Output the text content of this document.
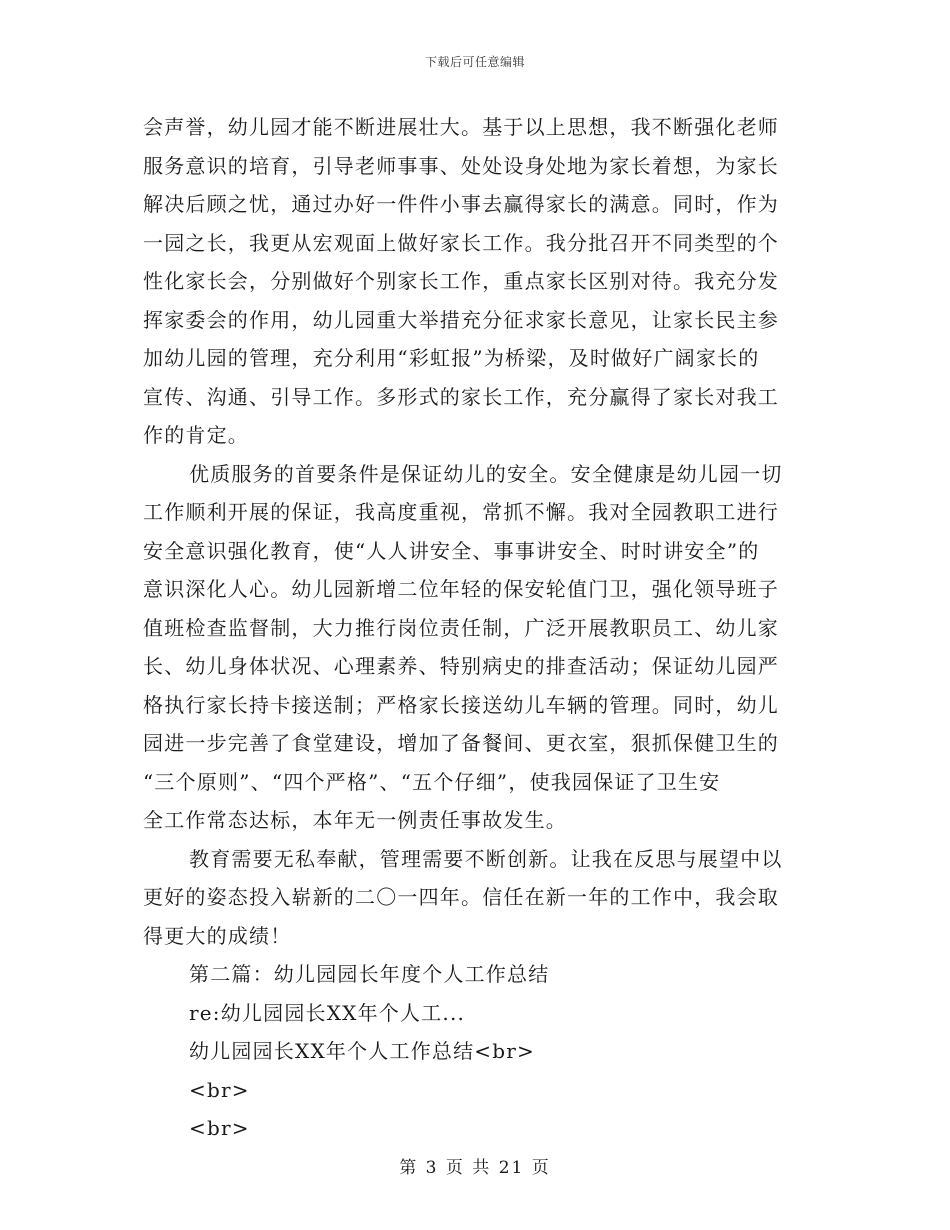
下载后可任意编辑
会声誉，幼儿园才能不断进展壮大。基于以上思想，我不断强化老师
服务意识的培育，引导老师事事、处处设身处地为家长着想，为家长
解决后顾之忧，通过办好一件件小事去赢得家长的满意。同时，作为
一园之长，我更从宏观面上做好家长工作。我分批召开不同类型的个
性化家长会，分别做好个别家长工作，重点家长区别对待。我充分发
挥家委会的作用，幼儿园重大举措充分征求家长意见，让家长民主参
加幼儿园的管理，充分利用“彩虹报”为桥梁，及时做好广阔家长的
宣传、沟通、引导工作。多形式的家长工作，充分赢得了家长对我工
作的肯定。
优质服务的首要条件是保证幼儿的安全。安全健康是幼儿园一切
工作顺利开展的保证，我高度重视，常抓不懈。我对全园教职工进行
安全意识强化教育，使“人人讲安全、事事讲安全、时时讲安全”的
意识深化人心。幼儿园新增二位年轻的保安轮值门卫，强化领导班子
值班检查监督制，大力推行岗位责任制，广泛开展教职员工、幼儿家
长、幼儿身体状况、心理素养、特别病史的排查活动；保证幼儿园严
格执行家长持卡接送制；严格家长接送幼儿车辆的管理。同时，幼儿
园进一步完善了食堂建设，增加了备餐间、更衣室，狠抓保健卫生的
“三个原则”、“四个严格”、“五个仔细”，使我园保证了卫生安
全工作常态达标，本年无一例责任事故发生。
教育需要无私奉献，管理需要不断创新。让我在反思与展望中以
更好的姿态投入崭新的二〇一四年。信任在新一年的工作中，我会取
得更大的成绩！
第二篇：幼儿园园长年度个人工作总结
re:幼儿园园长XX年个人工...
幼儿园园长XX年个人工作总结<br>
<br>
<br>
第 3 页 共 21 页
